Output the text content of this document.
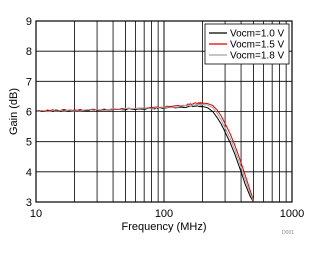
3
4
5
6
7
8
9
10	100	1000
Frequency (MHz)
Gain (dB)
Vocm=1.0 V
Vocm=1.5 V
Vocm=1.8 V
D001
